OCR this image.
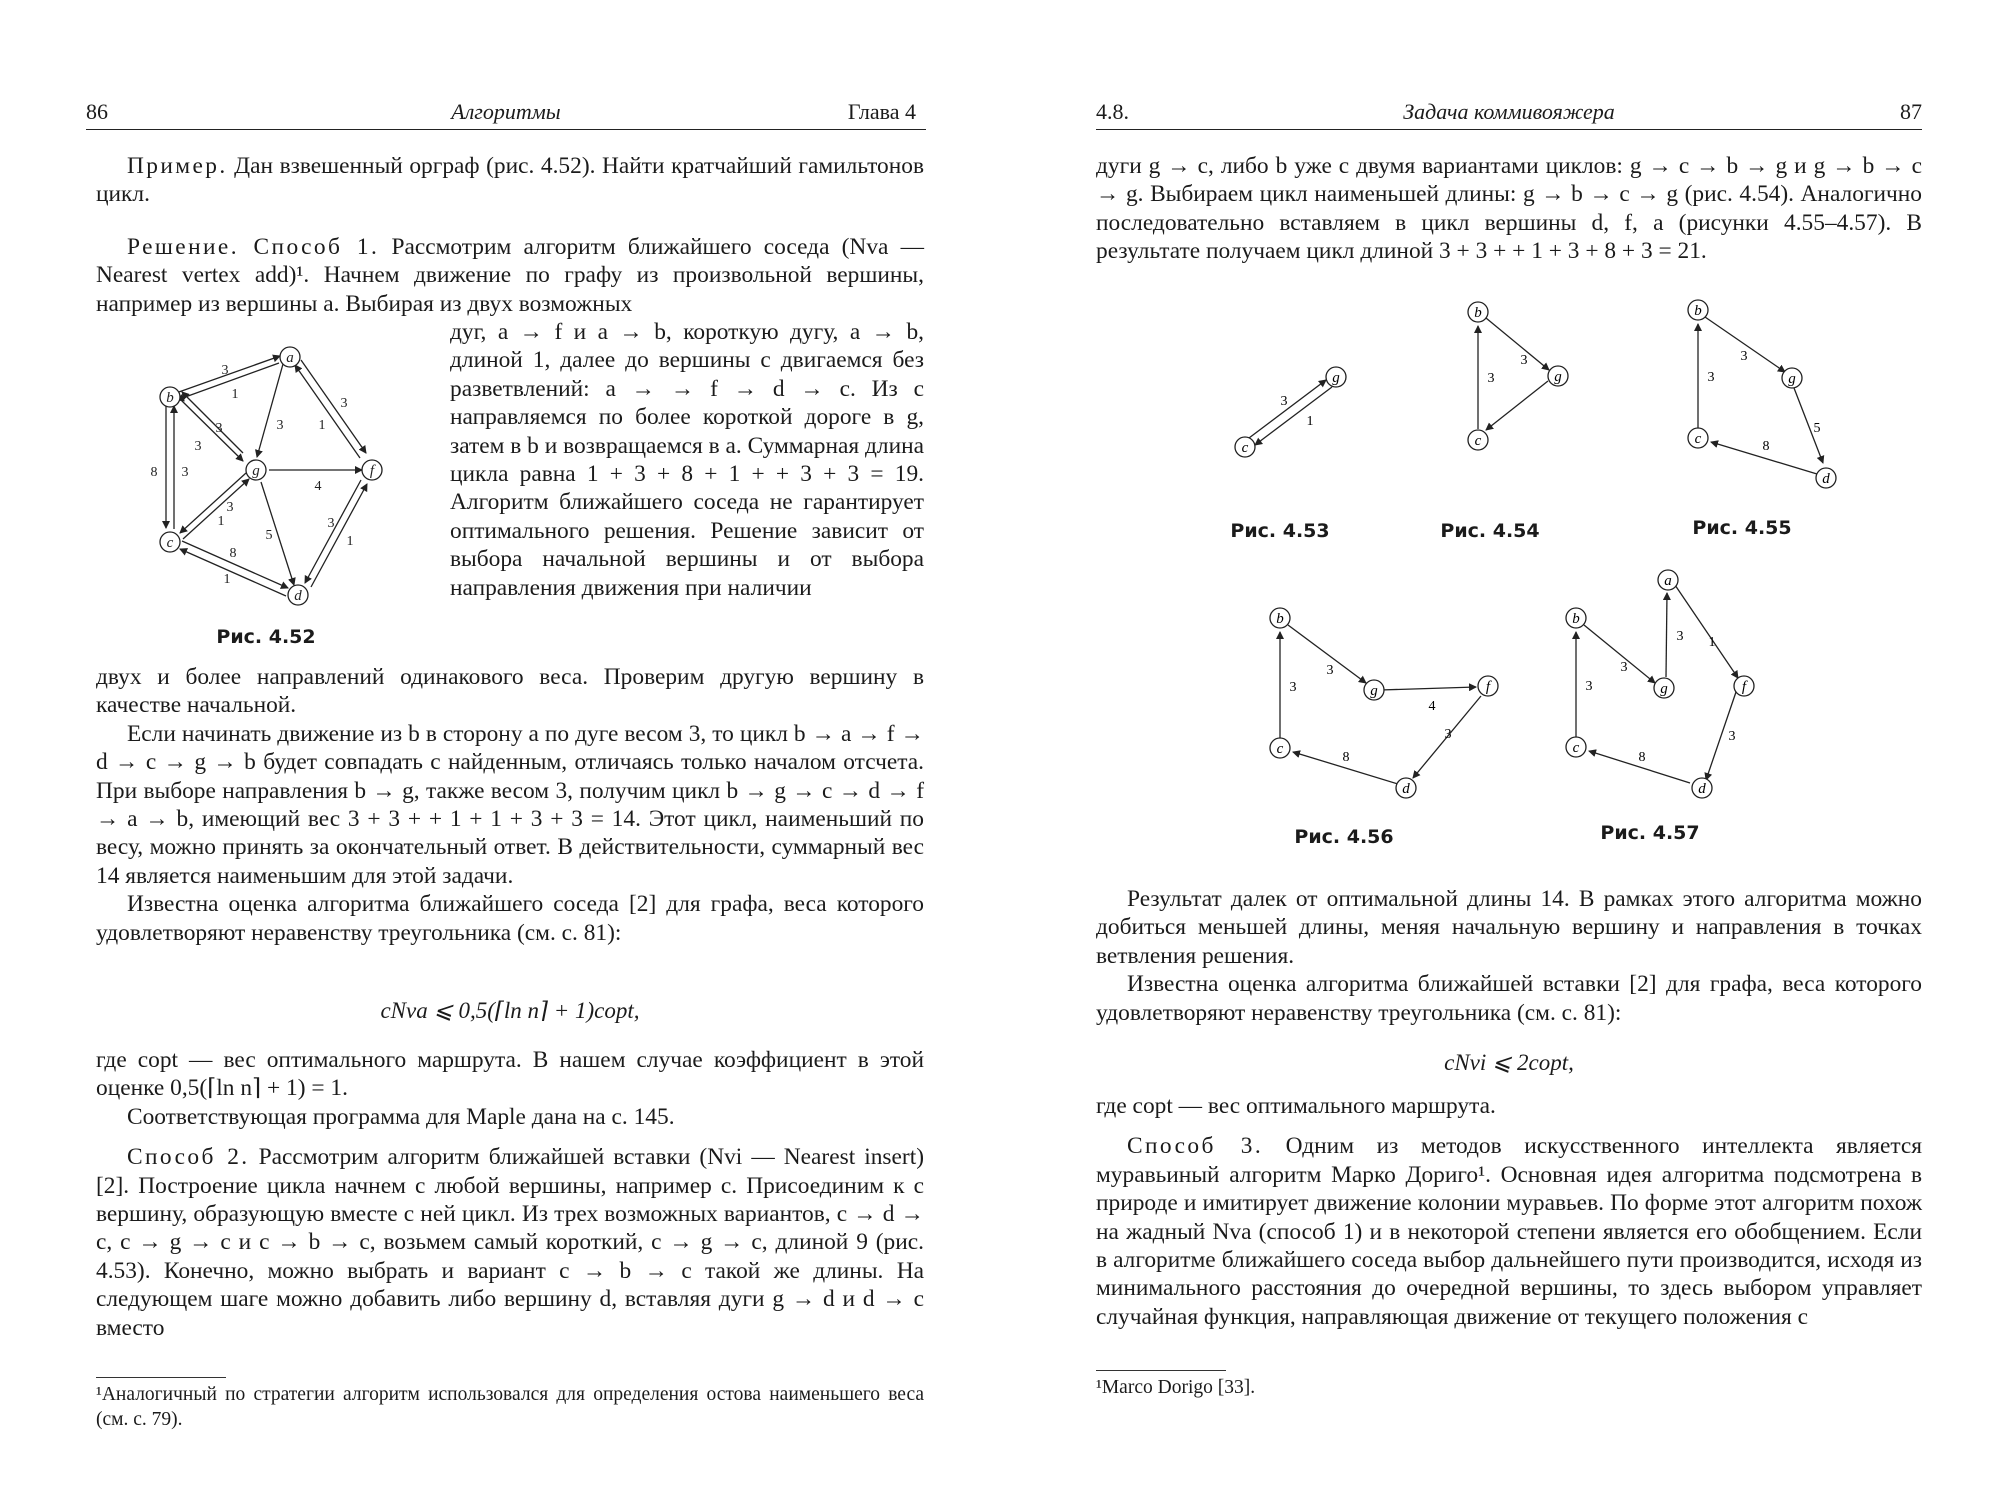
86	Алгоритмы	Глава 4

Пример. Дан взвешенный орграф (рис. 4.52). Найти кратчайший гамильтонов цикл.

Решение. Способ 1. Рассмотрим алгоритм ближайшего соседа (Nva — Nearest vertex add)¹. Начнем движение по графу из произвольной вершины, например из вершины a. Выбирая из двух возможных

дуг, a → f и a → b, короткую дугу, a → b, длиной 1, далее до вершины c двигаемся без разветвлений: a → → f → d → c. Из c направляемся по более короткой дороге в g, затем в b и возвращаемся в a. Суммарная длина цикла равна 1 + 3 + 8 + 1 + + 3 + 3 = 19. Алгоритм ближайшего соседа не гарантирует оптимального решения. Решение зависит от выбора начальной вершины и от выбора направления движения при наличии

a
b
c
d
f
g
3
1
3
3
3	1
3
8 3
4
1
5
3
1
8
1
3
Рис. 4.52

двух и более направлений одинакового веса. Проверим другую вершину в качестве начальной.

Если начинать движение из b в сторону a по дуге весом 3, то цикл b → a → f → d → c → g → b будет совпадать с найденным, отличаясь только началом отсчета. При выборе направления b → g, также весом 3, получим цикл b → g → c → d → f → a → b, имеющий вес 3 + 3 + + 1 + 1 + 3 + 3 = 14. Этот цикл, наименьший по весу, можно принять за окончательный ответ. В действительности, суммарный вес 14 является наименьшим для этой задачи.

Известна оценка алгоритма ближайшего соседа [2] для графа, веса которого удовлетворяют неравенству треугольника (см. с. 81):

cNva ⩽ 0,5(⌈ln n⌉ + 1)copt,

где copt — вес оптимального маршрута. В нашем случае коэффициент в этой оценке 0,5(⌈ln n⌉ + 1) = 1.

Соответствующая программа для Maple дана на с. 145.

Способ 2. Рассмотрим алгоритм ближайшей вставки (Nvi — Nearest insert) [2]. Построение цикла начнем с любой вершины, например c. Присоединим к c вершину, образующую вместе с ней цикл. Из трех возможных вариантов, c → d → c, c → g → c и c → b → c, возьмем самый короткий, c → g → c, длиной 9 (рис. 4.53). Конечно, можно выбрать и вариант c → b → c такой же длины. На следующем шаге можно добавить либо вершину d, вставляя дуги g → d и d → c вместо

¹Аналогичный по стратегии алгоритм использовался для определения остова наименьшего веса (см. с. 79).
4.8.	Задача коммивояжера	87

дуги g → c, либо b уже с двумя вариантами циклов: g → c → b → g и g → b → c → g. Выбираем цикл наименьшей длины: g → b → c → g (рис. 4.54). Аналогично последовательно вставляем в цикл вершины d, f, a (рисунки 4.55–4.57). В результате получаем цикл длиной 3 + 3 + + 1 + 3 + 8 + 3 = 21.

g
c
3
1
Рис. 4.53
b
g
c
3
3
Рис. 4.54
b
g
c
d
3
3
5
8
Рис. 4.55
b
g	f
c
d
3
3
4
3
8
Рис. 4.56
a
b
g	f
c
d
3 1
3
3
3
8
Рис. 4.57

Результат далек от оптимальной длины 14. В рамках этого алгоритма можно добиться меньшей длины, меняя начальную вершину и направления в точках ветвления решения.

Известна оценка алгоритма ближайшей вставки [2] для графа, веса которого удовлетворяют неравенству треугольника (см. с. 81):

cNvi ⩽ 2copt,

где copt — вес оптимального маршрута.

Способ 3. Одним из методов искусственного интеллекта является муравьиный алгоритм Марко Дориго¹. Основная идея алгоритма подсмотрена в природе и имитирует движение колонии муравьев. По форме этот алгоритм похож на жадный Nva (способ 1) и в некоторой степени является его обобщением. Если в алгоритме ближайшего соседа выбор дальнейшего пути производится, исходя из минимального расстояния до очередной вершины, то здесь выбором управляет случайная функция, направляющая движение от текущего положения с

¹Marco Dorigo [33].
